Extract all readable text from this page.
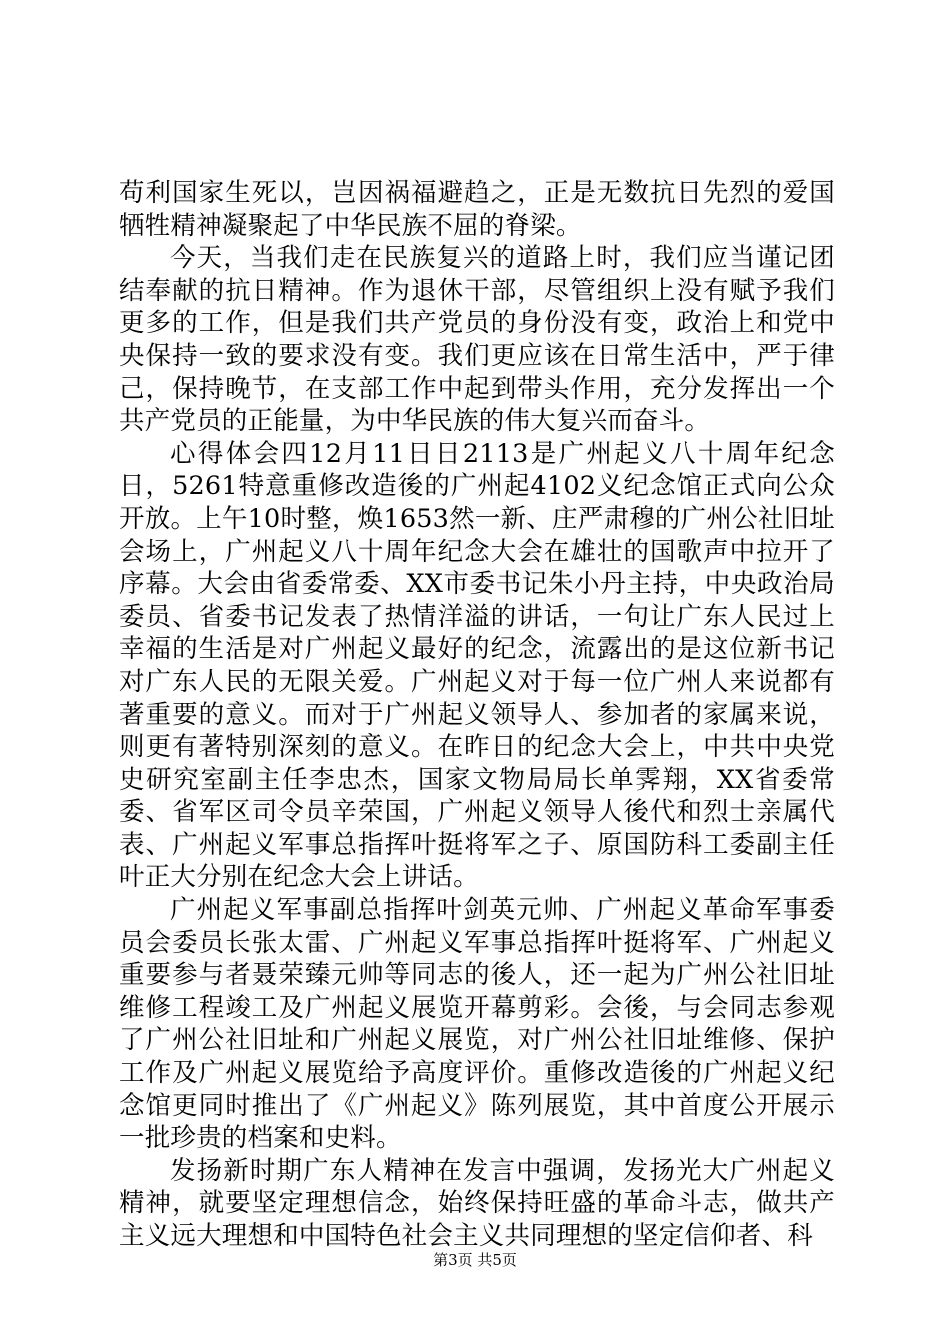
苟利国家生死以，岂因祸福避趋之，正是无数抗日先烈的爱国牺牲精神凝聚起了中华民族不屈的脊梁。

今天，当我们走在民族复兴的道路上时，我们应当谨记团结奉献的抗日精神。作为退休干部，尽管组织上没有赋予我们更多的工作，但是我们共产党员的身份没有变，政治上和党中央保持一致的要求没有变。我们更应该在日常生活中，严于律己，保持晚节，在支部工作中起到带头作用，充分发挥出一个共产党员的正能量，为中华民族的伟大复兴而奋斗。

心得体会四12月11日日2113是广州起义八十周年纪念日，5261特意重修改造後的广州起4102义纪念馆正式向公众开放。上午10时整，焕1653然一新、庄严肃穆的广州公社旧址会场上，广州起义八十周年纪念大会在雄壮的国歌声中拉开了序幕。大会由省委常委、XX市委书记朱小丹主持，中央政治局委员、省委书记发表了热情洋溢的讲话，一句让广东人民过上幸福的生活是对广州起义最好的纪念，流露出的是这位新书记对广东人民的无限关爱。广州起义对于每一位广州人来说都有著重要的意义。而对于广州起义领导人、参加者的家属来说，则更有著特别深刻的意义。在昨日的纪念大会上，中共中央党史研究室副主任李忠杰，国家文物局局长单霁翔，XX省委常委、省军区司令员辛荣国，广州起义领导人後代和烈士亲属代表、广州起义军事总指挥叶挺将军之子、原国防科工委副主任叶正大分别在纪念大会上讲话。

广州起义军事副总指挥叶剑英元帅、广州起义革命军事委员会委员长张太雷、广州起义军事总指挥叶挺将军、广州起义重要参与者聂荣臻元帅等同志的後人，还一起为广州公社旧址维修工程竣工及广州起义展览开幕剪彩。会後，与会同志参观了广州公社旧址和广州起义展览，对广州公社旧址维修、保护工作及广州起义展览给予高度评价。重修改造後的广州起义纪念馆更同时推出了《广州起义》陈列展览，其中首度公开展示一批珍贵的档案和史料。

发扬新时期广东人精神在发言中强调，发扬光大广州起义精神，就要坚定理想信念，始终保持旺盛的革命斗志，做共产主义远大理想和中国特色社会主义共同理想的坚定信仰者、科

第3页 共5页
